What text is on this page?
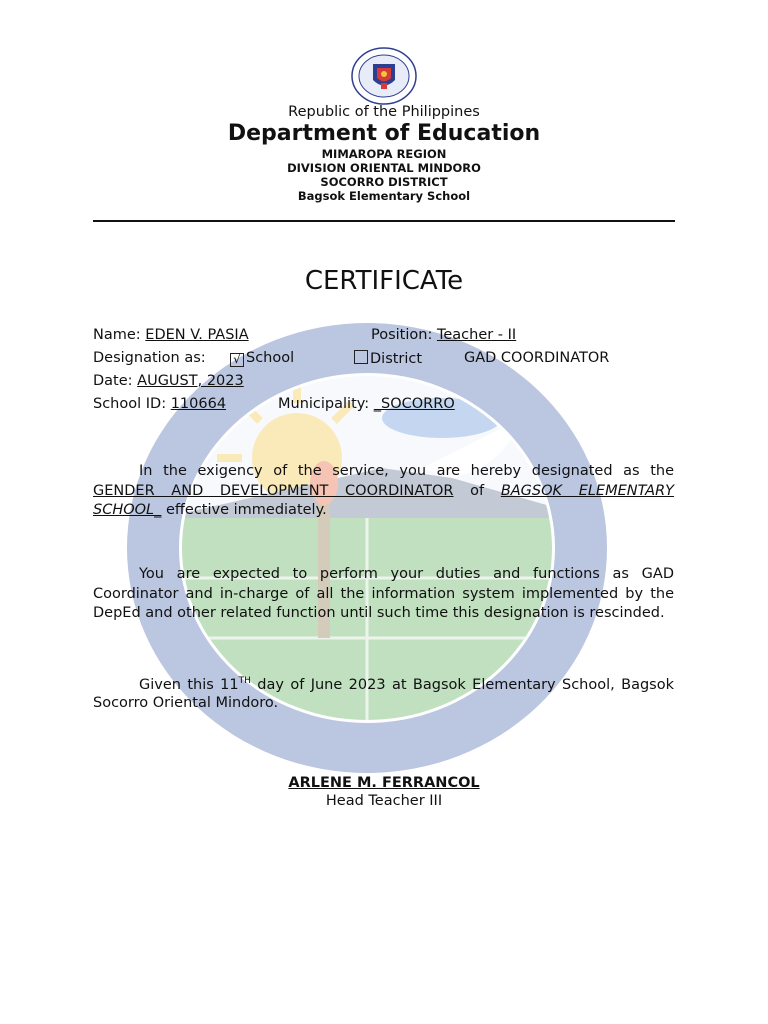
Republic of the Philippines
Department of Education
MIMAROPA REGION
DIVISION ORIENTAL MINDORO
SOCORRO DISTRICT
Bagsok Elementary School
CERTIFICATe
Name: EDEN V. PASIA	Position: Teacher - II
Designation as: √ School	District	GAD COORDINATOR
Date: AUGUST, 2023
School ID: 110664	Municipality: _SOCORRO
In the exigency of the service, you are hereby designated as the GENDER AND DEVELOPMENT COORDINATOR of BAGSOK ELEMENTARY SCHOOL_ effective immediately.
You are expected to perform your duties and functions as GAD Coordinator and in-charge of all the information system implemented by the DepEd and other related function until such time this designation is rescinded.
Given this 11TH day of June 2023 at Bagsok Elementary School, Bagsok Socorro Oriental Mindoro.
ARLENE M. FERRANCOL
Head Teacher III
